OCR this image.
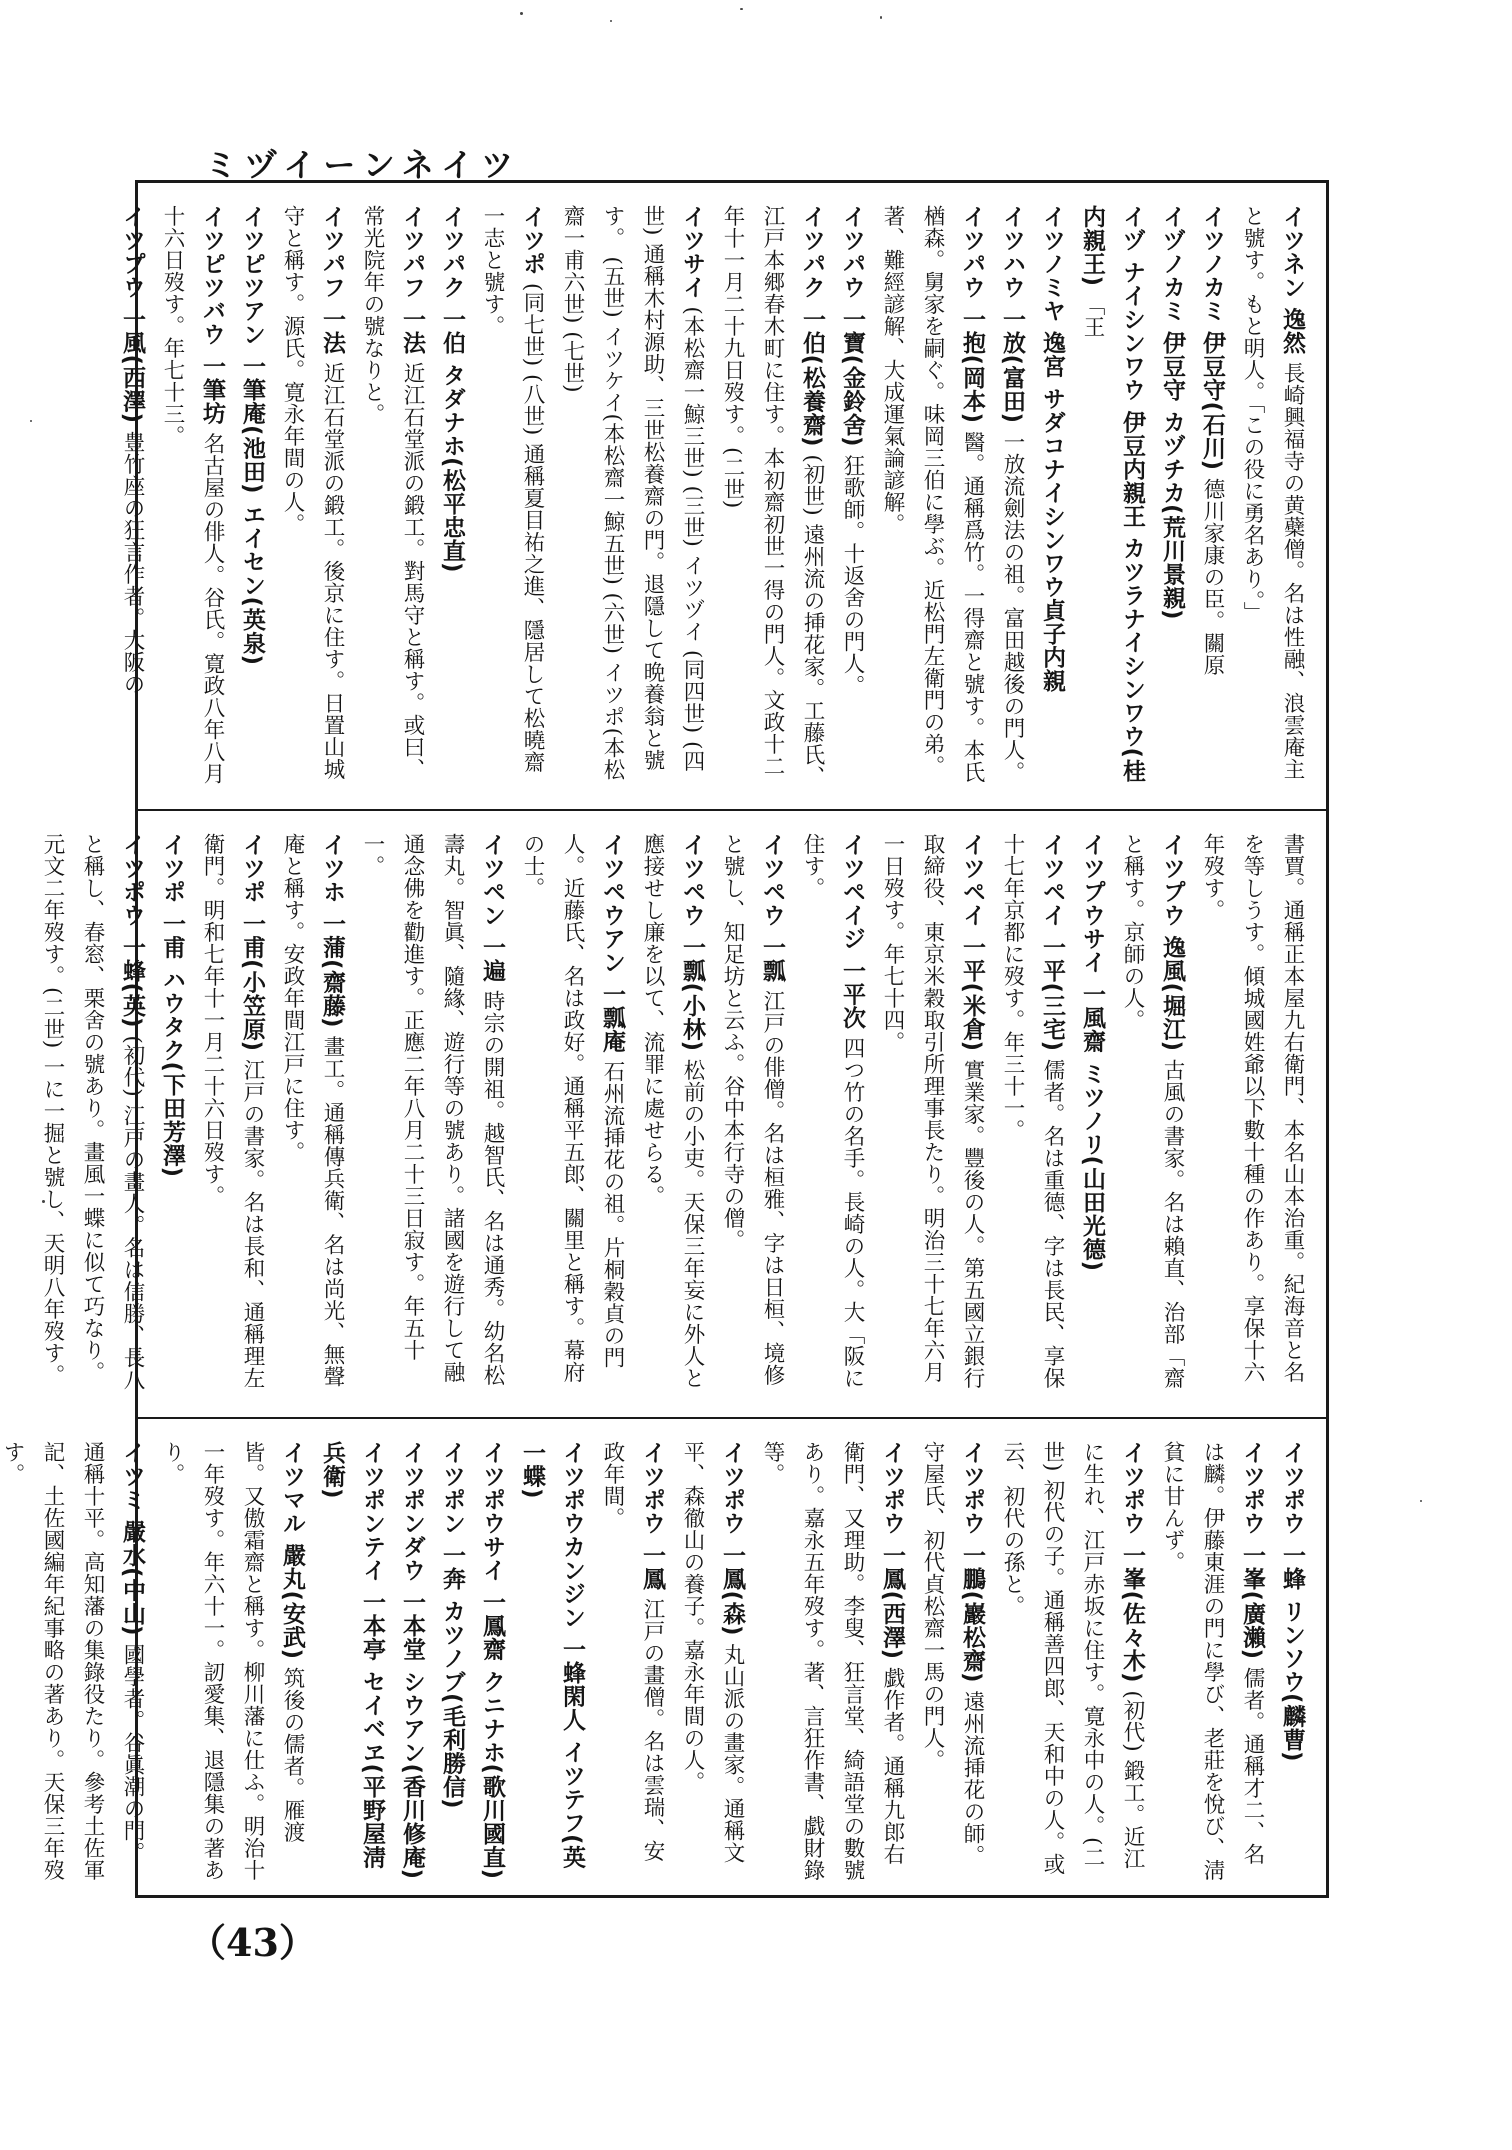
ミヅイーンネイツ

イツネン 逸然 長崎興福寺の黄蘗僧。名は性融、浪雲庵主と號す。もと明人。「この役に勇名あり。」

イツノカミ 伊豆守(石川) 德川家康の臣。關原

イヅノカミ 伊豆守 カヅチカ(荒川景親)

イヅ ナイシンワウ 伊豆内親王 カツラナイシンワウ(桂内親王) 「王

イツノミヤ 逸宮 サダコナイシンワウ貞子内親

イツハウ 一放(富田) 一放流劍法の祖。富田越後の門人。

イツパウ 一抱(岡本) 醫。通稱爲竹。一得齋と號す。本氏楢森。舅家を嗣ぐ。味岡三伯に學ぶ。近松門左衛門の弟。著、難經諺解、大成運氣論諺解。

イツパウ 一寶(金鈴舍) 狂歌師。十返舍の門人。

イツパク 一伯(松養齋) (初世) 遠州流の挿花家。工藤氏、江戸本郷春木町に住す。本初齋初世一得の門人。文政十二年十一月二十九日歿す。(二世)

イツサイ (本松齋一鯨三世) (三世) イツヅイ (同四世) (四世) 通稱木村源助、三世松養齋の門。退隱して晩養翁と號す。 (五世) イツケイ(本松齋一鯨五世) (六世) イツポ(本松齋一甫六世) (七世)

イツポ (同七世) (八世) 通稱夏目祐之進、隱居して松曉齋一志と號す。

イツパク 一伯 タダナホ(松平忠直)

イツパフ 一法 近江石堂派の鍛工。對馬守と稱す。或曰、常光院年の號なりと。

イツパフ 一法 近江石堂派の鍛工。後京に住す。日置山城守と稱す。源氏。寛永年間の人。

イツピツアン 一筆庵(池田) エイセン(英泉)

イツピツバウ 一筆坊 名古屋の俳人。谷氏。寛政八年八月十六日歿す。年七十三。

イツプウ 一風(西澤) 豊竹座の狂言作者。大阪の

書賈。通稱正本屋九右衛門、本名山本治重。紀海音と名を等しうす。傾城國姓爺以下數十種の作あり。享保十六年歿す。

イツプウ 逸風(堀江) 古風の書家。名は賴直、治部「齋と稱す。京師の人。

イツプウサイ 一風齋 ミツノリ(山田光德)

イツペイ 一平(三宅) 儒者。名は重德、字は長民、享保十七年京都に歿す。年三十一。

イツペイ 一平(米倉) 實業家。豐後の人。第五國立銀行取締役、東京米穀取引所理事長たり。明治三十七年六月一日歿す。年七十四。

イツペイジ 一平次 四つ竹の名手。長崎の人。大「阪に住す。

イツペウ 一瓢 江戸の俳僧。名は桓雅、字は日桓、境修と號し、知足坊と云ふ。谷中本行寺の僧。

イツペウ 一瓢(小林) 松前の小吏。天保三年妄に外人と應接せし廉を以て、流罪に處せらる。

イツペウアン 一瓢庵 石州流挿花の祖。片桐穀貞の門人。近藤氏、名は政好。通稱平五郎、關里と稱す。幕府の士。

イツペン 一遍 時宗の開祖。越智氏、名は通秀。幼名松壽丸。智眞、隨緣、遊行等の號あり。諸國を遊行して融通念佛を勸進す。正應二年八月二十三日寂す。年五十一。

イツホ 一蒲(齋藤) 畫工。通稱傳兵衛、名は尚光、無聲庵と稱す。安政年間江戸に住す。

イツポ 一甫(小笠原) 江戸の書家。名は長和、通稱理左衛門。明和七年十一月二十六日歿す。

イツポ 一甫 ハウタク(下田芳澤)

イツポウ 一蜂(英) (初代) 江戸の畫人。名は信勝、長八と稱し、春窓、栗舍の號あり。畫風一蝶に似て巧なり。元文二年歿す。(二世) 一に一掘と號し、天明八年歿す。

イツポウ 一蜂 リンソウ(麟曹)

イツポウ 一峯(廣瀨) 儒者。通稱才二、名は麟。伊藤東涯の門に學び、老莊を悅び、淸貧に甘んず。

イツポウ 一峯(佐々木) (初代) 鍛工。近江に生れ、江戸赤坂に住す。寛永中の人。(二世) 初代の子。通稱善四郎、天和中の人。或云、初代の孫と。

イツポウ 一鵬(巖松齋) 遠州流挿花の師。守屋氏、初代貞松齋一馬の門人。

イツポウ 一鳳(西澤) 戯作者。通稱九郎右衛門、又理助。李叟、狂言堂、綺語堂の數號あり。嘉永五年歿す。著、言狂作書、戯財錄等。

イツポウ 一鳳(森) 丸山派の畫家。通稱文平、森徹山の養子。嘉永年間の人。

イツポウ 一鳳 江戸の畫僧。名は雲瑞、安政年間。

イツポウカンジン 一蜂閑人 イツテフ(英一蝶)

イツポウサイ 一鳳齋 クニナホ(歌川國直)

イツポン 一奔 カツノブ(毛利勝信)

イツポンダウ 一本堂 シウアン(香川修庵)

イツポンテイ 一本亭 セイベヱ(平野屋淸兵衛)

イツマル 嚴丸(安武) 筑後の儒者。雁渡皆。又傲霜齋と稱す。柳川藩に仕ふ。明治十一年歿す。年六十一。訒愛集、退隱集の著あり。

イツミ 嚴水(中山) 國學者。谷眞潮の門。通稱十平。高知藩の集錄役たり。參考土佐軍記、土佐國編年紀事略の著あり。天保三年歿す。

（43）
